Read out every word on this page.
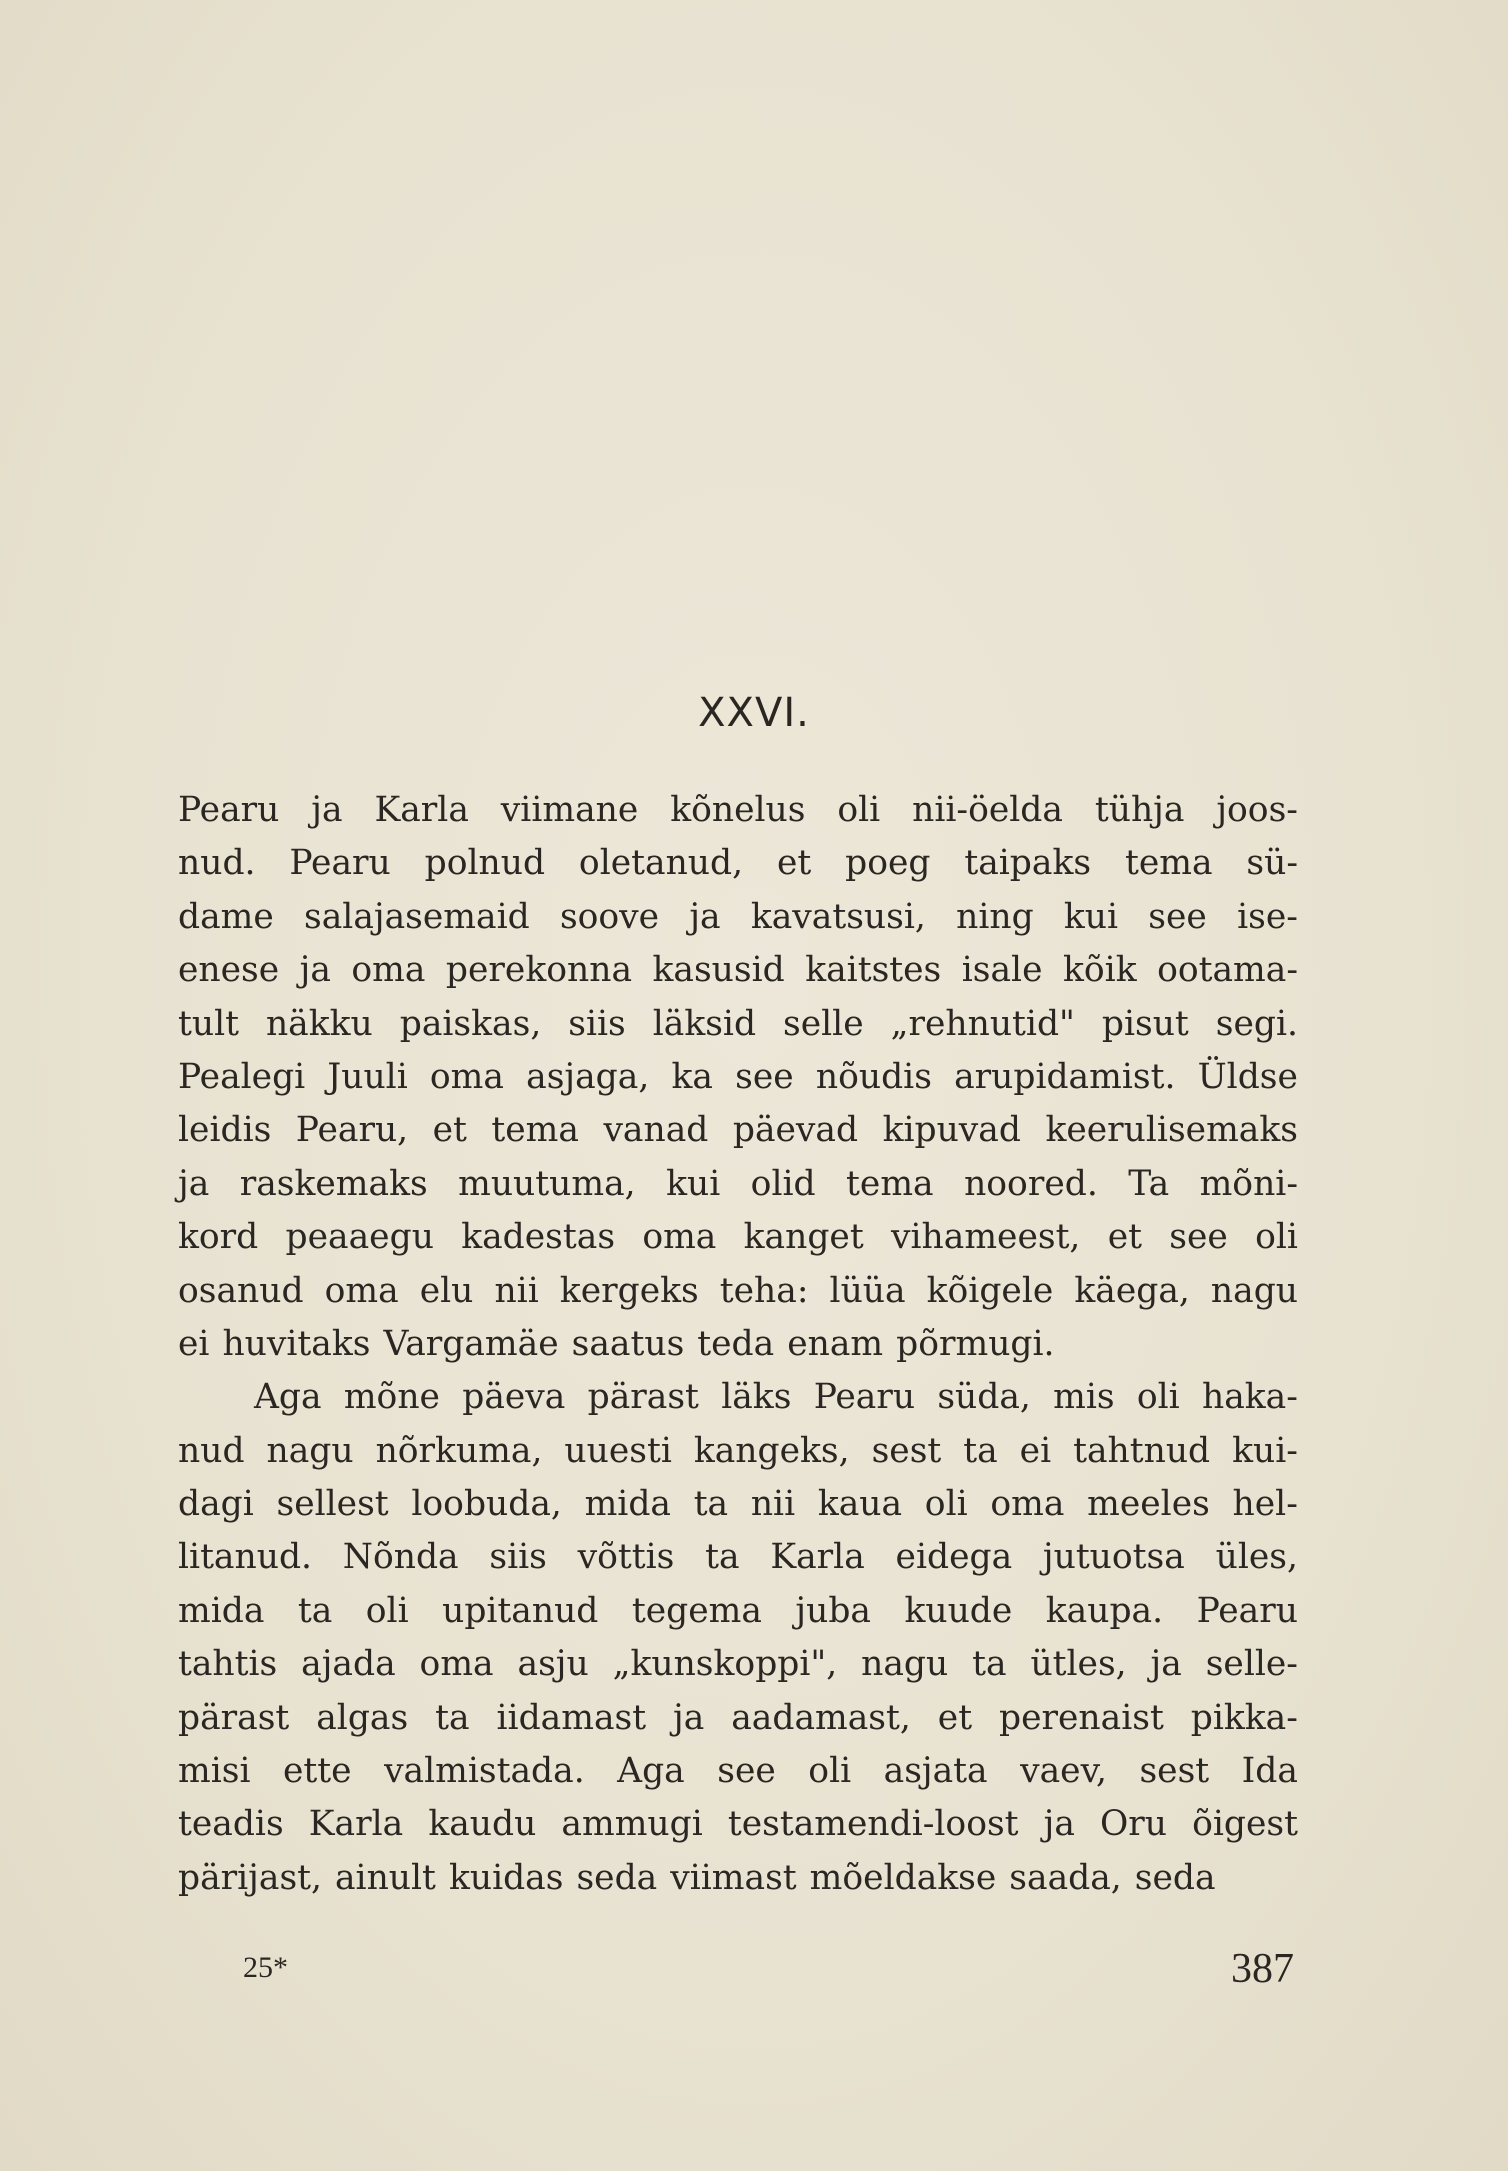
XXVI.
Pearu ja Karla viimane kõnelus oli nii-öelda tühja joos-
nud. Pearu polnud oletanud, et poeg taipaks tema sü-
dame salajasemaid soove ja kavatsusi, ning kui see ise-
enese ja oma perekonna kasusid kaitstes isale kõik ootama-
tult näkku paiskas, siis läksid selle „rehnutid" pisut segi.
Pealegi Juuli oma asjaga, ka see nõudis arupidamist. Üldse
leidis Pearu, et tema vanad päevad kipuvad keerulisemaks
ja raskemaks muutuma, kui olid tema noored. Ta mõni-
kord peaaegu kadestas oma kanget vihameest, et see oli
osanud oma elu nii kergeks teha: lüüa kõigele käega, nagu
ei huvitaks Vargamäe saatus teda enam põrmugi.
Aga mõne päeva pärast läks Pearu süda, mis oli haka-
nud nagu nõrkuma, uuesti kangeks, sest ta ei tahtnud kui-
dagi sellest loobuda, mida ta nii kaua oli oma meeles hel-
litanud. Nõnda siis võttis ta Karla eidega jutuotsa üles,
mida ta oli upitanud tegema juba kuude kaupa. Pearu
tahtis ajada oma asju „kunskoppi", nagu ta ütles, ja selle-
pärast algas ta iidamast ja aadamast, et perenaist pikka-
misi ette valmistada. Aga see oli asjata vaev, sest Ida
teadis Karla kaudu ammugi testamendi-loost ja Oru õigest
pärijast, ainult kuidas seda viimast mõeldakse saada, seda
25*	387
